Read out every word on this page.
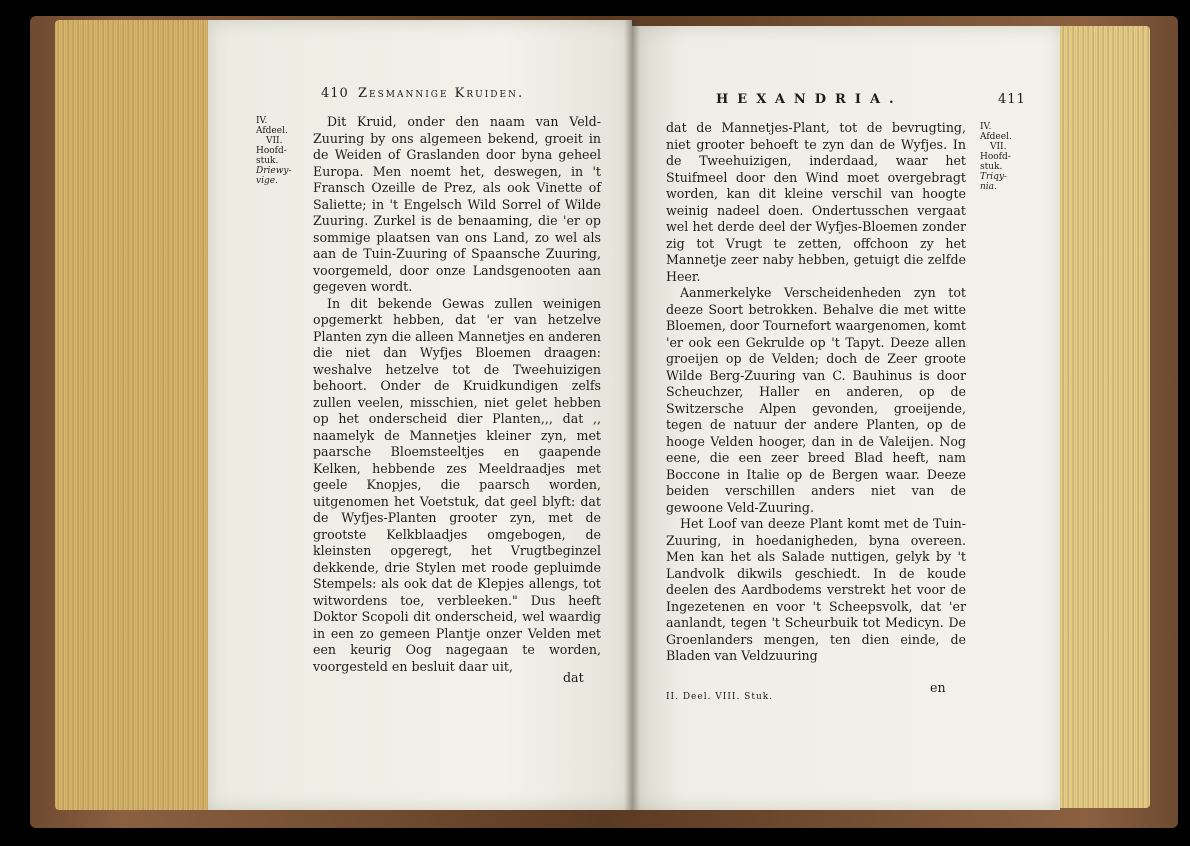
410 Zesmannige Kruiden.
IV.
Afdeel.
VII.
Hoofd-
stuk.
Driewy-
vige.

Dit Kruid, onder den naam van Veld-Zuuring by ons algemeen bekend, groeit in de Weiden of Graslanden door byna geheel Europa. Men noemt het, deswegen, in 't Fransch Ozeille de Prez, als ook Vinette of Saliette; in 't Engelsch Wild Sorrel of Wilde Zuuring. Zurkel is de benaaming, die 'er op sommige plaatsen van ons Land, zo wel als aan de Tuin-Zuuring of Spaansche Zuuring, voorgemeld, door onze Landsgenooten aan gegeven wordt.

In dit bekende Gewas zullen weinigen opgemerkt hebben, dat 'er van hetzelve Planten zyn die alleen Mannetjes en anderen die niet dan Wyfjes Bloemen draagen: weshalve hetzelve tot de Tweehuizigen behoort. Onder de Kruidkundigen zelfs zullen veelen, misschien, niet gelet hebben op het onderscheid dier Planten,,, dat ,, naamelyk de Mannetjes kleiner zyn, met paarsche Bloemsteeltjes en gaapende Kelken, hebbende zes Meeldraadjes met geele Knopjes, die paarsch worden, uitgenomen het Voetstuk, dat geel blyft: dat de Wyfjes-Planten grooter zyn, met de grootste Kelkblaadjes omgebogen, de kleinsten opgeregt, het Vrugtbeginzel dekkende, drie Stylen met roode gepluimde Stempels: als ook dat de Klepjes allengs, tot witwordens toe, verbleeken." Dus heeft Doktor Scopoli dit onderscheid, wel waardig in een zo gemeen Plantje onzer Velden met een keurig Oog nagegaan te worden, voorgesteld en besluit daar uit,

dat
HEXANDRIA.	411
IV.
Afdeel.
VII.
Hoofd-
stuk.
Triqy-
nia.

dat de Mannetjes-Plant, tot de bevrugting, niet grooter behoeft te zyn dan de Wyfjes. In de Tweehuizigen, inderdaad, waar het Stuifmeel door den Wind moet overgebragt worden, kan dit kleine verschil van hoogte weinig nadeel doen. Ondertusschen vergaat wel het derde deel der Wyfjes-Bloemen zonder zig tot Vrugt te zetten, offchoon zy het Mannetje zeer naby hebben, getuigt die zelfde Heer.

Aanmerkelyke Verscheidenheden zyn tot deeze Soort betrokken. Behalve die met witte Bloemen, door Tournefort waargenomen, komt 'er ook een Gekrulde op 't Tapyt. Deeze allen groeijen op de Velden; doch de Zeer groote Wilde Berg-Zuuring van C. Bauhinus is door Scheuchzer, Haller en anderen, op de Switzersche Alpen gevonden, groeijende, tegen de natuur der andere Planten, op de hooge Velden hooger, dan in de Valeijen. Nog eene, die een zeer breed Blad heeft, nam Boccone in Italie op de Bergen waar. Deeze beiden verschillen anders niet van de gewoone Veld-Zuuring.

Het Loof van deeze Plant komt met de Tuin-Zuuring, in hoedanigheden, byna overeen. Men kan het als Salade nuttigen, gelyk by 't Landvolk dikwils geschiedt. In de koude deelen des Aardbodems verstrekt het voor de Ingezetenen en voor 't Scheepsvolk, dat 'er aanlandt, tegen 't Scheurbuik tot Medicyn. De Groenlanders mengen, ten dien einde, de Bladen van Veldzuuring

en
II. Deel. VIII. Stuk.
